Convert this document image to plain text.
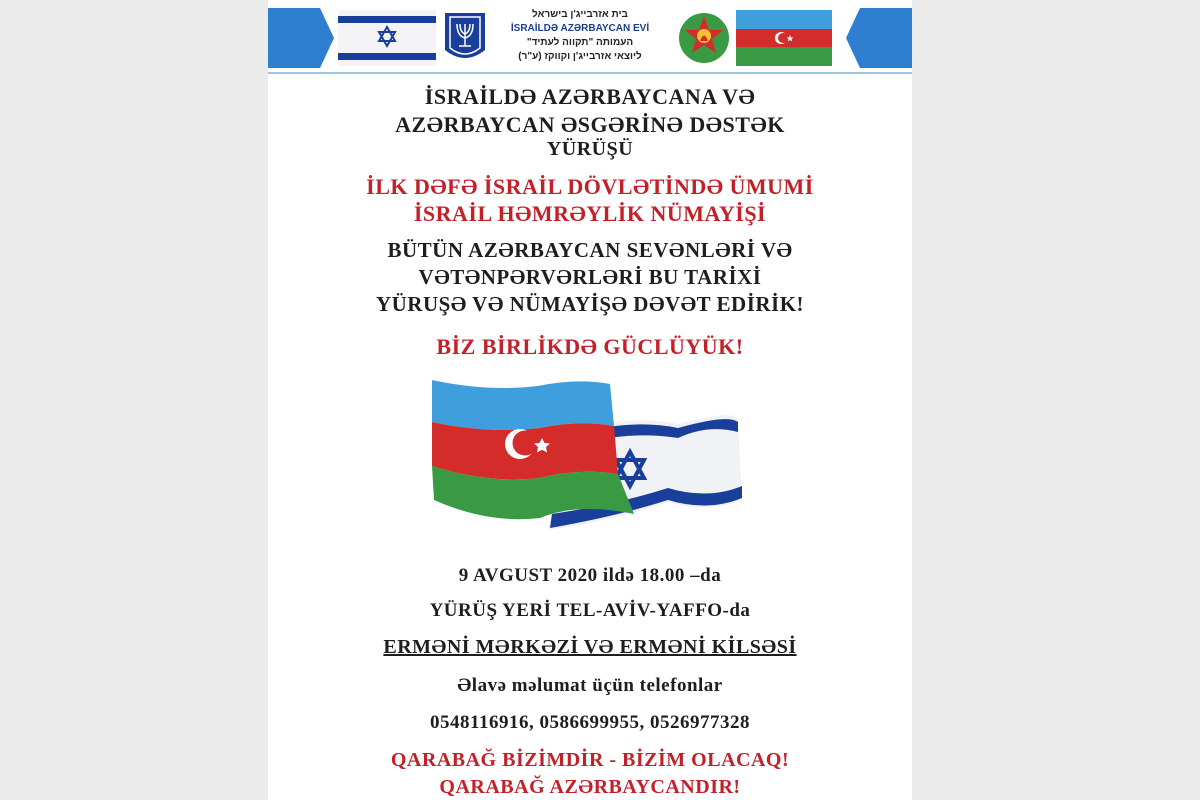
בית אזרבייג'ן בישראל
İSRAİLDƏ AZƏRBAYCAN EVİ
העמותה "תקווה לעתיד"
ליוצאי אזרבייג'ן וקווקז (ע"ר)
İSRAİLDƏ AZƏRBAYCANA VƏ
AZƏRBAYCAN ƏSGƏRİNƏ DƏSTƏK
YÜRÜŞÜ
İLK DƏFƏ İSRAİL DÖVLƏTİNDƏ ÜMUMİ
İSRAİL HƏMRƏYLİK NÜMAYİŞİ
BÜTÜN AZƏRBAYCAN SEVƏNLƏRİ VƏ
VƏTƏNPƏRVƏRLƏRİ BU TARİXİ
YÜRUŞƏ VƏ NÜMAYİŞƏ DƏVƏT EDİRİK!
BİZ BİRLİKDƏ GÜCLÜYÜK!
9 AVGUST 2020 ildə 18.00 –da
YÜRÜŞ YERİ TEL-AVİV-YAFFO-da
ERMƏNİ MƏRKƏZİ VƏ ERMƏNİ KİLSƏSİ
Əlavə məlumat üçün telefonlar
0548116916, 0586699955, 0526977328
QARABAĞ BİZİMDİR - BİZİM OLACAQ!
QARABAĞ AZƏRBAYCANDIR!
